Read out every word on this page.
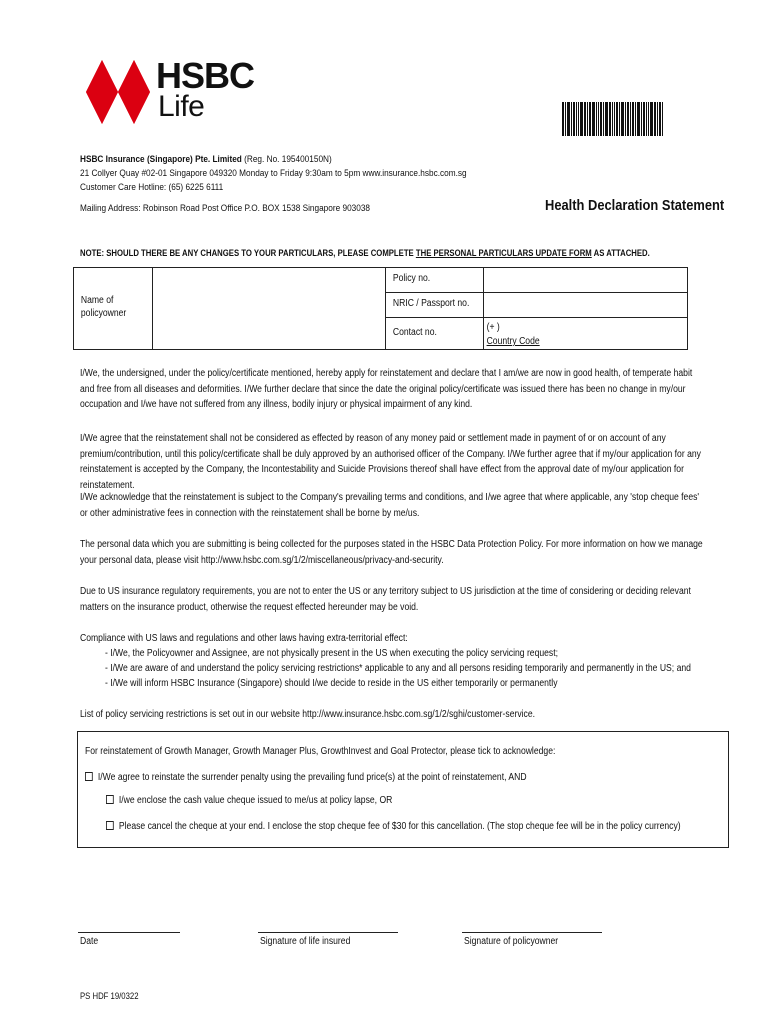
HSBC
Life
HSBC Insurance (Singapore) Pte. Limited (Reg. No. 195400150N)
21 Collyer Quay #02-01 Singapore 049320 Monday to Friday 9:30am to 5pm www.insurance.hsbc.com.sg
Customer Care Hotline: (65) 6225 6111
Mailing Address: Robinson Road Post Office P.O. BOX 1538 Singapore 903038	Health Declaration Statement
NOTE: SHOULD THERE BE ANY CHANGES TO YOUR PARTICULARS, PLEASE COMPLETE THE PERSONAL PARTICULARS UPDATE FORM AS ATTACHED.
Name of policyowner		Policy no.	

		NRIC / Passport no.	

		Contact no.	(+ )
Country Code
I/We, the undersigned, under the policy/certificate mentioned, hereby apply for reinstatement and declare that I am/we are now in good health, of temperate habit and free from all diseases and deformities. I/We further declare that since the date the original policy/certificate was issued there has been no change in my/our occupation and I/we have not suffered from any illness, bodily injury or physical impairment of any kind.
I/We agree that the reinstatement shall not be considered as effected by reason of any money paid or settlement made in payment of or on account of any premium/contribution, until this policy/certificate shall be duly approved by an authorised officer of the Company. I/We further agree that if my/our application for any reinstatement is accepted by the Company, the Incontestability and Suicide Provisions thereof shall have effect from the approval date of my/our application for reinstatement.
I/We acknowledge that the reinstatement is subject to the Company's prevailing terms and conditions, and I/we agree that where applicable, any 'stop cheque fees' or other administrative fees in connection with the reinstatement shall be borne by me/us.
The personal data which you are submitting is being collected for the purposes stated in the HSBC Data Protection Policy. For more information on how we manage your personal data, please visit http://www.hsbc.com.sg/1/2/miscellaneous/privacy-and-security.
Due to US insurance regulatory requirements, you are not to enter the US or any territory subject to US jurisdiction at the time of considering or deciding relevant matters on the insurance product, otherwise the request effected hereunder may be void.
Compliance with US laws and regulations and other laws having extra-territorial effect:
- I/We, the Policyowner and Assignee, are not physically present in the US when executing the policy servicing request;
- I/We are aware of and understand the policy servicing restrictions* applicable to any and all persons residing temporarily and permanently in the US; and
- I/We will inform HSBC Insurance (Singapore) should I/we decide to reside in the US either temporarily or permanently
List of policy servicing restrictions is set out in our website http://www.insurance.hsbc.com.sg/1/2/sghi/customer-service.
For reinstatement of Growth Manager, Growth Manager Plus, GrowthInvest and Goal Protector, please tick to acknowledge:
I/We agree to reinstate the surrender penalty using the prevailing fund price(s) at the point of reinstatement, AND
I/we enclose the cash value cheque issued to me/us at policy lapse, OR
Please cancel the cheque at your end. I enclose the stop cheque fee of $30 for this cancellation. (The stop cheque fee will be in the policy currency)
Date	Signature of life insured	Signature of policyowner
PS HDF 19/0322
